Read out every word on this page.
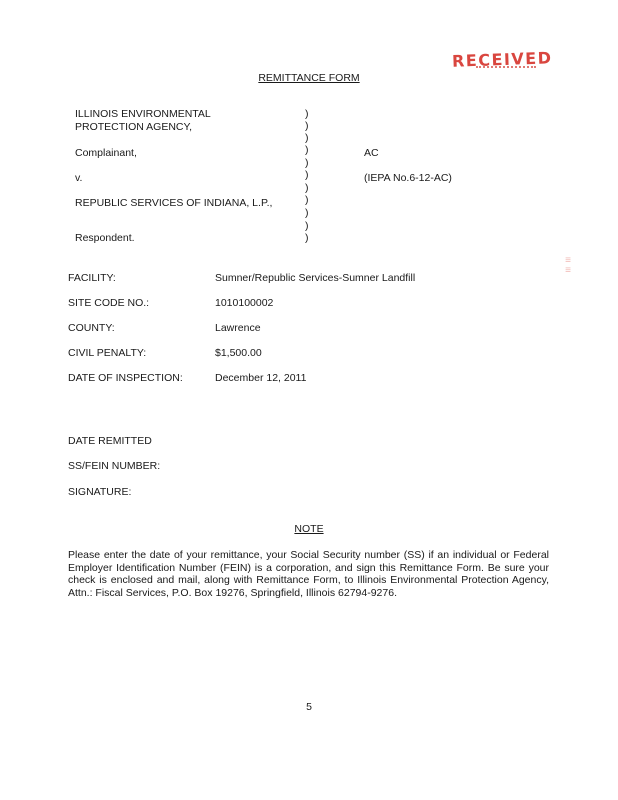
RECEIVED
≡
≡
REMITTANCE FORM
ILLINOIS ENVIRONMENTAL
PROTECTION AGENCY,
Complainant,
v.
REPUBLIC SERVICES OF INDIANA, L.P.,
Respondent.
)
)
)
)
)
)
)
)
)
)
)
AC
(IEPA No.6-12-AC)
FACILITY:	Sumner/Republic Services-Sumner Landfill
SITE CODE NO.:	1010100002
COUNTY:	Lawrence
CIVIL PENALTY:	$1,500.00
DATE OF INSPECTION:	December 12, 2011
DATE REMITTED
SS/FEIN NUMBER:
SIGNATURE:
NOTE
Please enter the date of your remittance, your Social Security number (SS) if an individual or Federal Employer Identification Number (FEIN) is a corporation, and sign this Remittance Form. Be sure your check is enclosed and mail, along with Remittance Form, to Illinois Environmental Protection Agency, Attn.: Fiscal Services, P.O. Box 19276, Springfield, Illinois 62794-9276.
5
